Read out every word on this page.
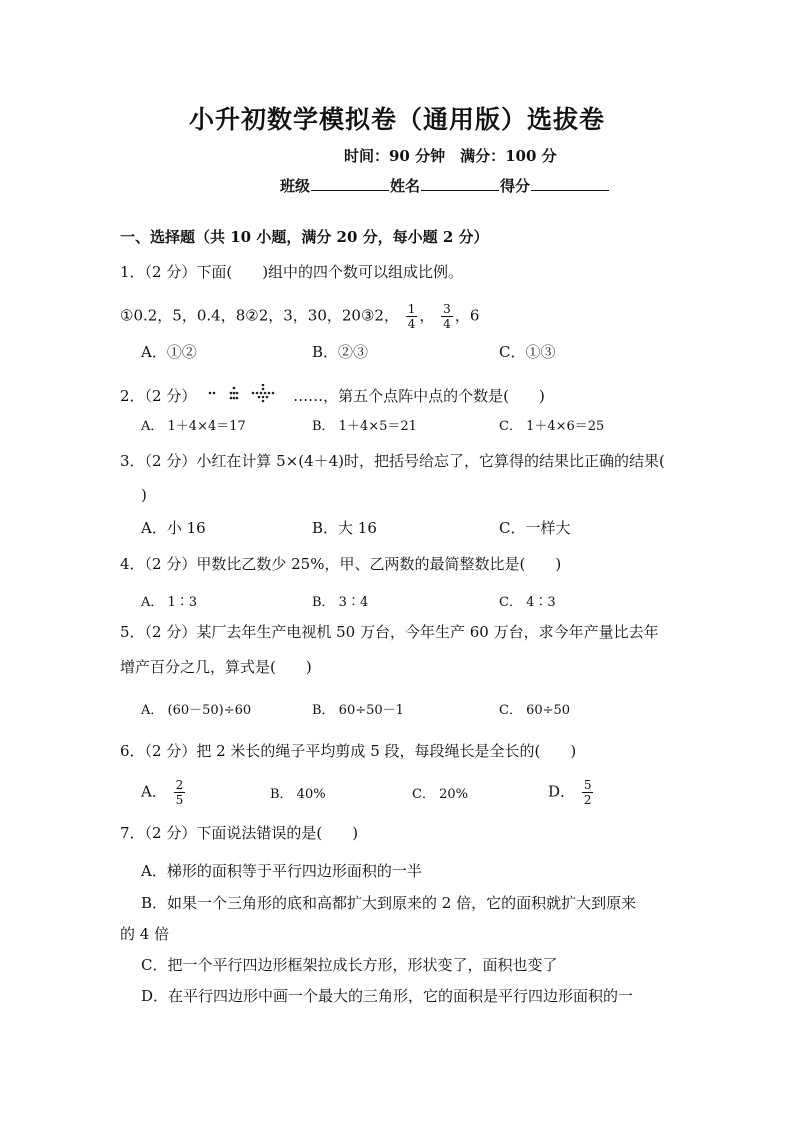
小升初数学模拟卷（通用版）选拔卷
时间：90 分钟　满分：100 分
班级	姓名	得分
一、选择题（共 10 小题，满分 20 分，每小题 2 分）
1．（2 分）下面(　　)组中的四个数可以组成比例。
①0.2，5，0.4，8②2，3，30，20③2， $\frac{1}{4}$ ， $\frac{3}{4}$ ，6
A．①②	B．②③	C．①③
2．（2 分）	……，第五个点阵中点的个数是(　　)
A． 1＋4×4＝17	B． 1＋4×5＝21	C． 1＋4×6＝25
3．（2 分）小红在计算 5×(4＋4)时，把括号给忘了，它算得的结果比正确的结果(
)
A．小 16	B．大 16	C．一样大
4．（2 分）甲数比乙数少 25%，甲、乙两数的最简整数比是(　　)
A． 1∶3	B． 3∶4	C． 4∶3
5．（2 分）某厂去年生产电视机 50 万台，今年生产 60 万台，求今年产量比去年
增产百分之几，算式是(　　)
A． (60－50)÷60	B． 60÷50－1	C． 60÷50
6．（2 分）把 2 米长的绳子平均剪成 5 段，每段绳长是全长的(　　)
A． $\frac{2}{5}$	B． 40%	C． 20%	D． $\frac{5}{2}$
7．（2 分）下面说法错误的是(　　)
A．梯形的面积等于平行四边形面积的一半
B．如果一个三角形的底和高都扩大到原来的 2 倍，它的面积就扩大到原来
的 4 倍
C．把一个平行四边形框架拉成长方形，形状变了，面积也变了
D．在平行四边形中画一个最大的三角形，它的面积是平行四边形面积的一
